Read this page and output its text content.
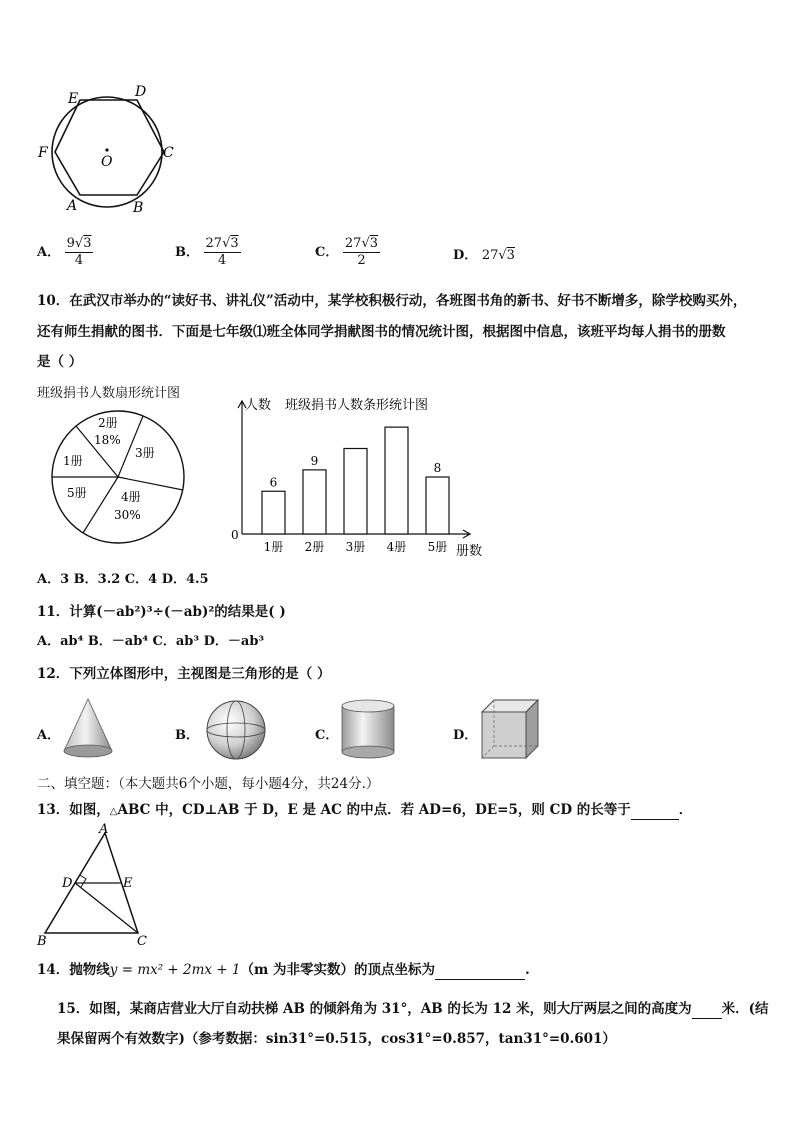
E	D
F	C
A	B
O
A． $\frac{9√3}{4}$	B． $\frac{27√3}{4}$	C． $\frac{27√3}{2}$	D． 27√3
10．在武汉市举办的“读好书、讲礼仪”活动中，某学校积极行动，各班图书角的新书、好书不断增多，除学校购买外，
还有师生捐献的图书．下面是七年级⑴班全体同学捐献图书的情况统计图，根据图中信息，该班平均每人捐书的册数
是（ ）
班级捐书人数扇形统计图
2册
18%
3册
1册
5册	4册
30%
人数 班级捐书人数条形统计图
0
册数
6
1册
9
2册 3册 4册
8
5册
A．3 B．3.2 C．4 D．4.5
11．计算(－ab²)³÷(－ab)²的结果是( )
A．ab⁴ B．－ab⁴ C．ab³ D．－ab³
12．下列立体图形中，主视图是三角形的是（ ）
A．	B．	C．	D．
二、填空题：（本大题共6个小题，每小题4分，共24分.）
13．如图，△ABC 中，CD⊥AB 于 D，E 是 AC 的中点．若 AD=6，DE=5，则 CD 的长等于	．
A
D	E
B	C
14．抛物线y = mx² + 2mx + 1（m 为非零实数）的顶点坐标为	.
15．如图，某商店营业大厅自动扶梯 AB 的倾斜角为 31°，AB 的长为 12 米，则大厅两层之间的高度为 米．(结
果保留两个有效数字)（参考数据：sin31°=0.515，cos31°=0.857，tan31°=0.601）
